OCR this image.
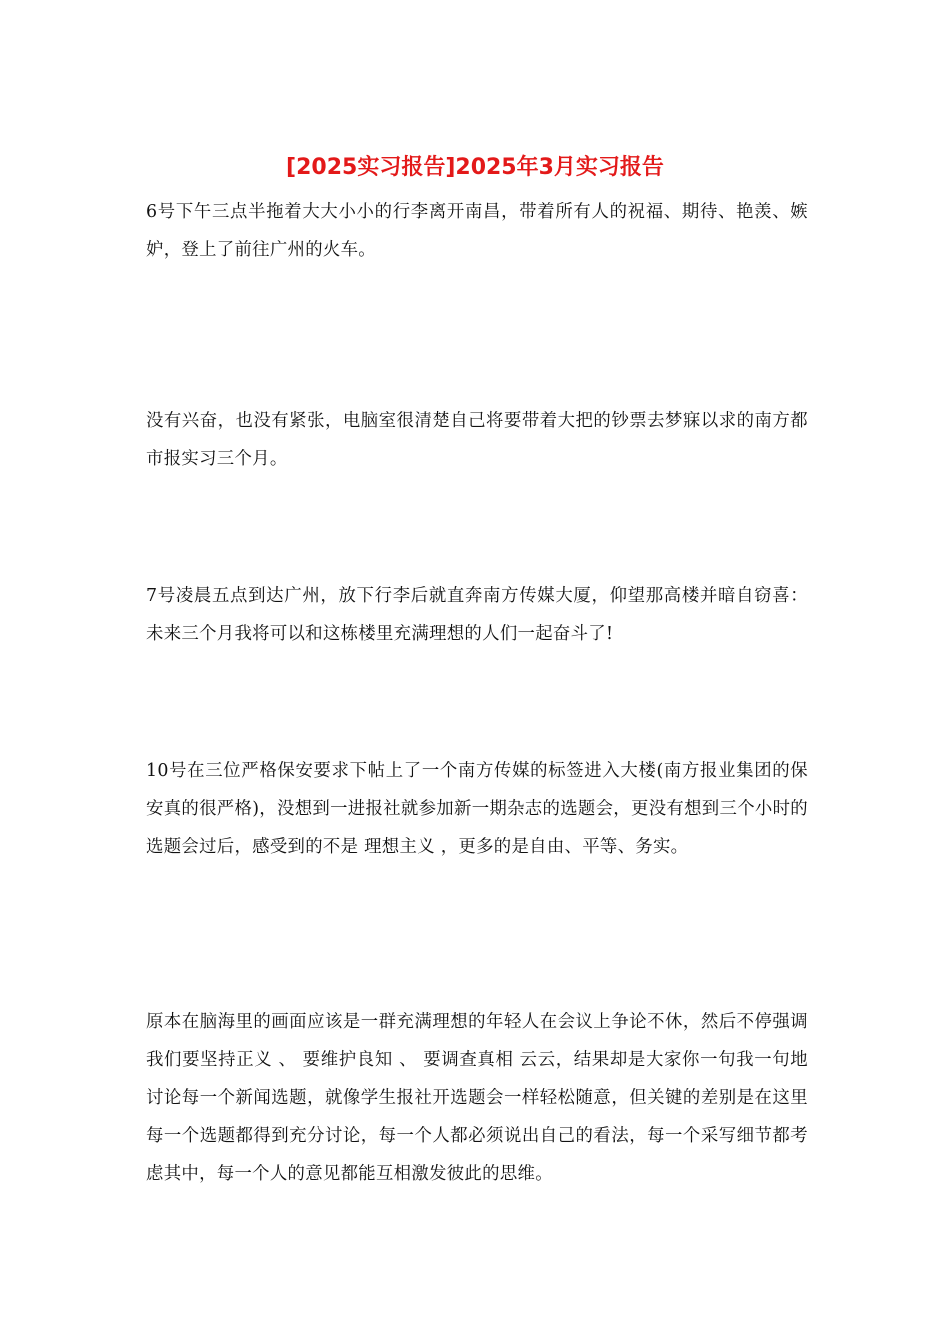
[2025实习报告]2025年3月实习报告
6号下午三点半拖着大大小小的行李离开南昌，带着所有人的祝福、期待、艳羡、嫉妒，登上了前往广州的火车。
没有兴奋，也没有紧张，电脑室很清楚自己将要带着大把的钞票去梦寐以求的南方都市报实习三个月。
7号凌晨五点到达广州，放下行李后就直奔南方传媒大厦，仰望那高楼并暗自窃喜：未来三个月我将可以和这栋楼里充满理想的人们一起奋斗了!
10号在三位严格保安要求下帖上了一个南方传媒的标签进入大楼(南方报业集团的保安真的很严格)，没想到一进报社就参加新一期杂志的选题会，更没有想到三个小时的选题会过后，感受到的不是 理想主义 ，更多的是自由、平等、务实。
原本在脑海里的画面应该是一群充满理想的年轻人在会议上争论不休，然后不停强调 我们要坚持正义 、 要维护良知 、 要调查真相 云云，结果却是大家你一句我一句地讨论每一个新闻选题，就像学生报社开选题会一样轻松随意，但关键的差别是在这里每一个选题都得到充分讨论，每一个人都必须说出自己的看法，每一个采写细节都考虑其中，每一个人的意见都能互相激发彼此的思维。
